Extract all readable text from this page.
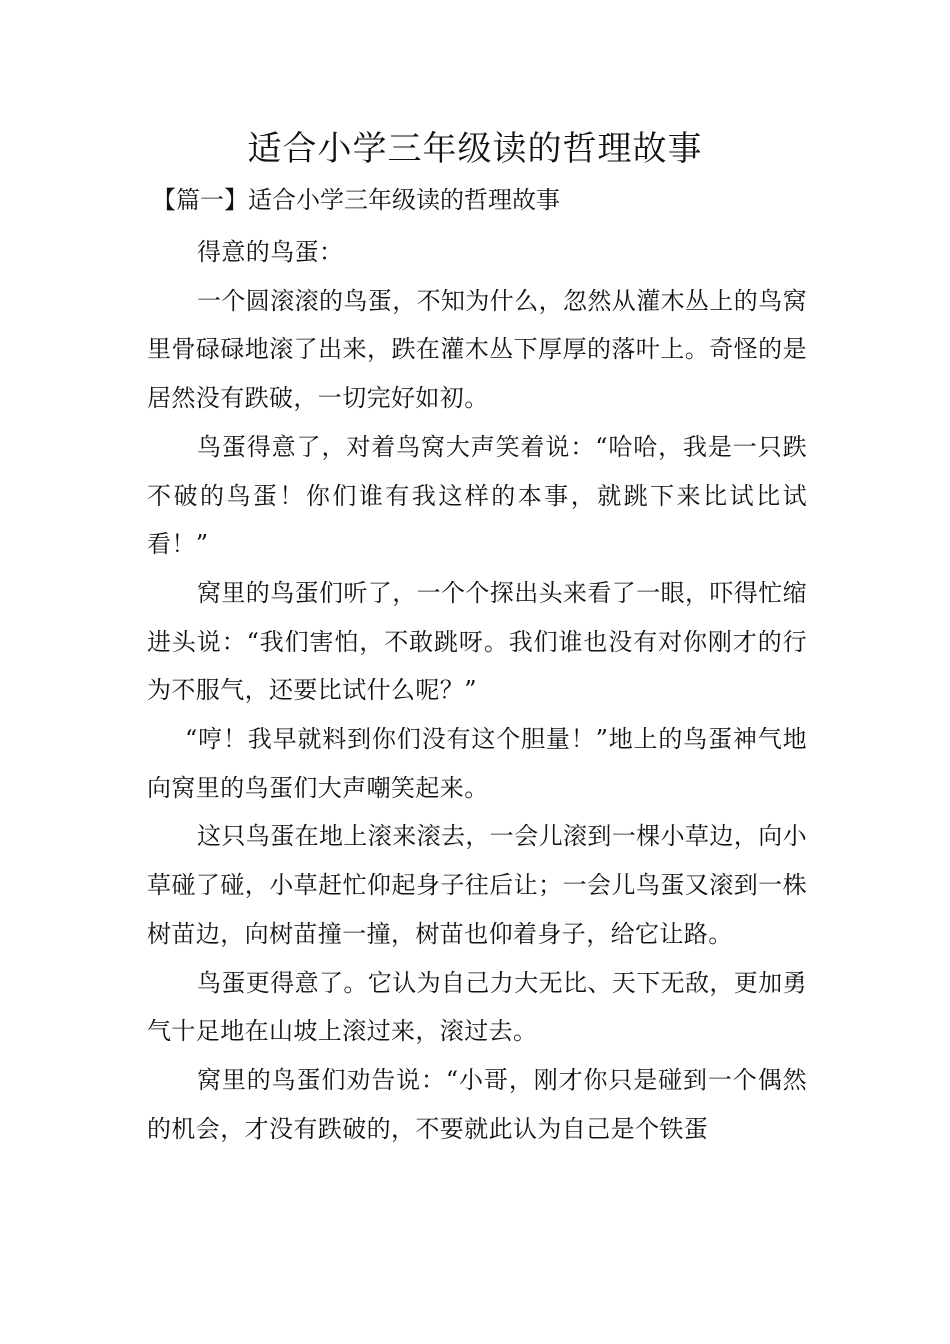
适合小学三年级读的哲理故事

【篇一】适合小学三年级读的哲理故事

得意的鸟蛋：

一个圆滚滚的鸟蛋，不知为什么，忽然从灌木丛上的鸟窝里骨碌碌地滚了出来，跌在灌木丛下厚厚的落叶上。奇怪的是居然没有跌破，一切完好如初。

鸟蛋得意了，对着鸟窝大声笑着说：“哈哈，我是一只跌不破的鸟蛋！你们谁有我这样的本事，就跳下来比试比试看！”

窝里的鸟蛋们听了，一个个探出头来看了一眼，吓得忙缩进头说：“我们害怕，不敢跳呀。我们谁也没有对你刚才的行为不服气，还要比试什么呢？”

“哼！我早就料到你们没有这个胆量！”地上的鸟蛋神气地向窝里的鸟蛋们大声嘲笑起来。

这只鸟蛋在地上滚来滚去，一会儿滚到一棵小草边，向小草碰了碰，小草赶忙仰起身子往后让；一会儿鸟蛋又滚到一株树苗边，向树苗撞一撞，树苗也仰着身子，给它让路。

鸟蛋更得意了。它认为自己力大无比、天下无敌，更加勇气十足地在山坡上滚过来，滚过去。

窝里的鸟蛋们劝告说：“小哥，刚才你只是碰到一个偶然的机会，才没有跌破的，不要就此认为自己是个铁蛋
